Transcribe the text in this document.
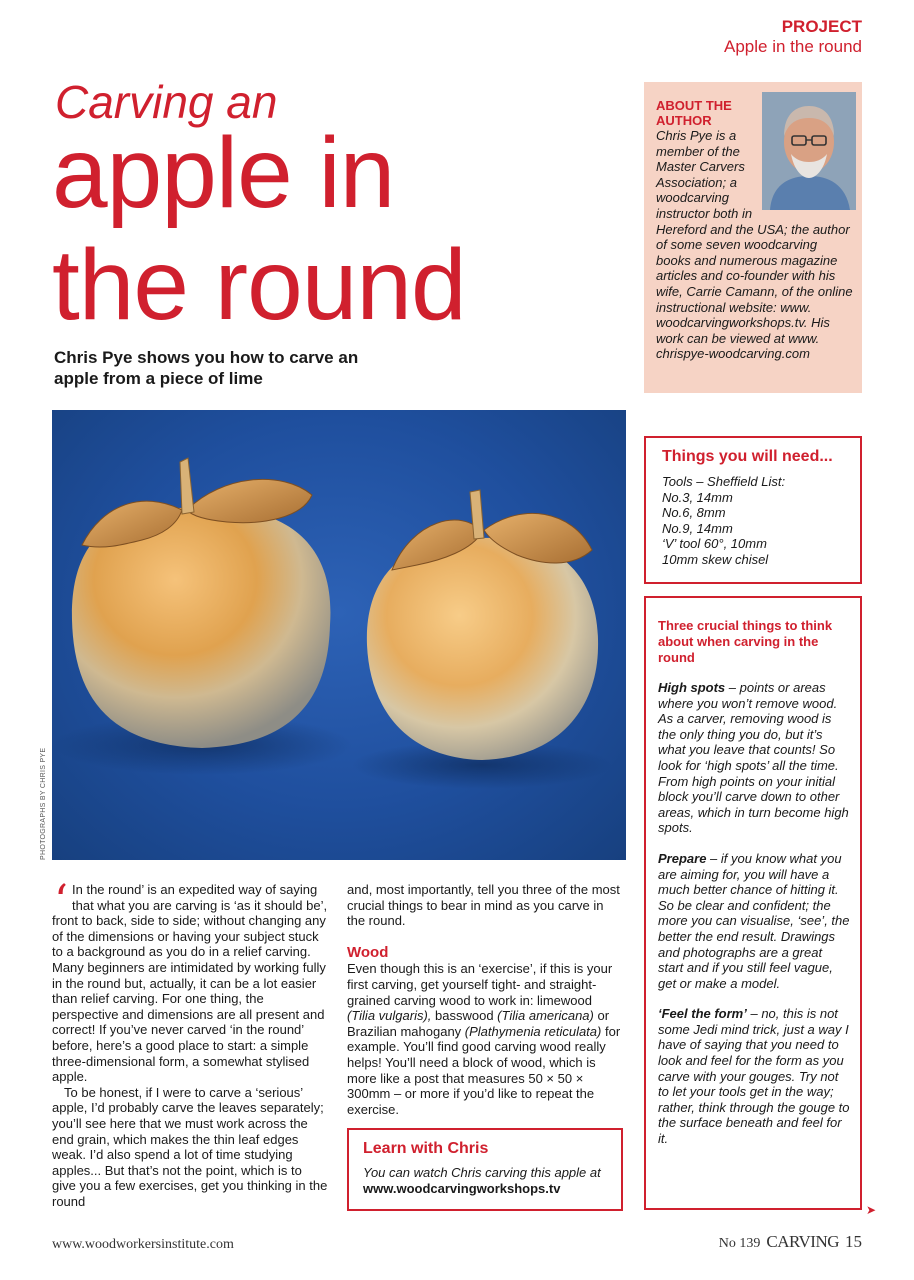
PROJECT
Apple in the round
Carving an
apple in
the round
Chris Pye shows you how to carve an apple from a piece of lime
ABOUT THE
AUTHOR
Chris Pye is a member of the Master Carvers Association; a woodcarving instructor both in Hereford and the USA; the author of some seven woodcarving books and numerous magazine articles and co-founder with his wife, Carrie Camann, of the online instructional website: www. woodcarvingworkshops.tv. His work can be viewed at www. chrispye-woodcarving.com
PHOTOGRAPHS BY CHRIS PYE
Things you will need...
Tools – Sheffield List:
No.3, 14mm
No.6, 8mm
No.9, 14mm
‘V’ tool 60°, 10mm
10mm skew chisel
Three crucial things to think about when carving in the round
High spots – points or areas where you won’t remove wood. As a carver, removing wood is the only thing you do, but it’s what you leave that counts! So look for ‘high spots’ all the time. From high points on your initial block you’ll carve down to other areas, which in turn become high spots.
Prepare – if you know what you are aiming for, you will have a much better chance of hitting it. So be clear and confident; the more you can visualise, ‘see’, the better the end result. Drawings and photographs are a great start and if you still feel vague, get or make a model.
‘Feel the form’ – no, this is not some Jedi mind trick, just a way I have of saying that you need to look and feel for the form as you carve with your gouges. Try not to let your tools get in the way; rather, think through the gouge to the surface beneath and feel for it.
➤
‘ In the round’ is an expedited way of saying that what you are carving is ‘as it should be’, front to back, side to side; without changing any of the dimensions or having your subject stuck to a background as you do in a relief carving. Many beginners are intimidated by working fully in the round but, actually, it can be a lot easier than relief carving. For one thing, the perspective and dimensions are all present and correct! If you’ve never carved ‘in the round’ before, here’s a good place to start: a simple three-dimensional form, a somewhat stylised apple.
To be honest, if I were to carve a ‘serious’ apple, I’d probably carve the leaves separately; you’ll see here that we must work across the end grain, which makes the thin leaf edges weak. I’d also spend a lot of time studying apples... But that’s not the point, which is to give you a few exercises, get you thinking in the round
and, most importantly, tell you three of the most crucial things to bear in mind as you carve in the round.
Wood
Even though this is an ‘exercise’, if this is your first carving, get yourself tight- and straight-grained carving wood to work in: limewood (Tilia vulgaris), basswood (Tilia americana) or Brazilian mahogany (Plathymenia reticulata) for example. You’ll find good carving wood really helps! You’ll need a block of wood, which is more like a post that measures 50 × 50 × 300mm – or more if you’d like to repeat the exercise.
Learn with Chris
You can watch Chris carving this apple at www.woodcarvingworkshops.tv
www.woodworkersinstitute.com	No 139 CARVING 15
